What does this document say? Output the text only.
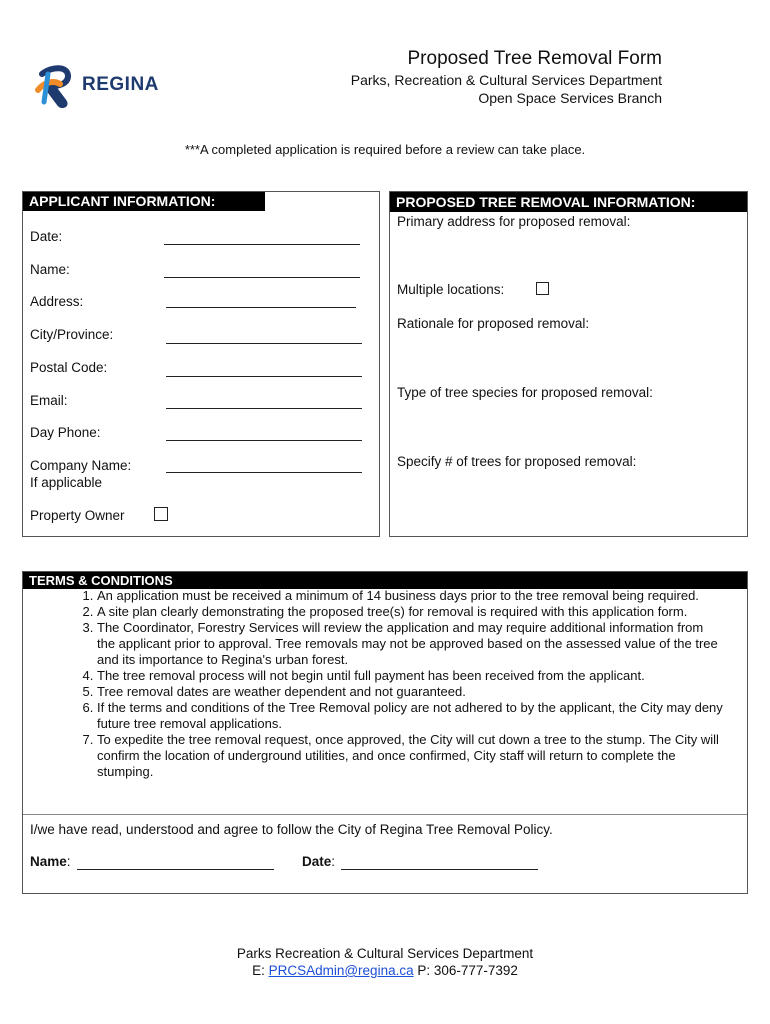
REGINA
Proposed Tree Removal Form
Parks, Recreation & Cultural Services Department
Open Space Services Branch
***A completed application is required before a review can take place.
APPLICANT INFORMATION:
Date:
Name:
Address:
City/Province:
Postal Code:
Email:
Day Phone:
Company Name:
If applicable
Property Owner
PROPOSED TREE REMOVAL INFORMATION:
Primary address for proposed removal:
Multiple locations:
Rationale for proposed removal:
Type of tree species for proposed removal:
Specify # of trees for proposed removal:
TERMS & CONDITIONS
1. An application must be received a minimum of 14 business days prior to the tree removal being required.
2. A site plan clearly demonstrating the proposed tree(s) for removal is required with this application form.
3. The Coordinator, Forestry Services will review the application and may require additional information from the applicant prior to approval. Tree removals may not be approved based on the assessed value of the tree and its importance to Regina's urban forest.
4. The tree removal process will not begin until full payment has been received from the applicant.
5. Tree removal dates are weather dependent and not guaranteed.
6. If the terms and conditions of the Tree Removal policy are not adhered to by the applicant, the City may deny future tree removal applications.
7. To expedite the tree removal request, once approved, the City will cut down a tree to the stump. The City will confirm the location of underground utilities, and once confirmed, City staff will return to complete the stumping.
I/we have read, understood and agree to follow the City of Regina Tree Removal Policy.
Name:	Date:
Parks Recreation & Cultural Services Department
E: PRCSAdmin@regina.ca P: 306-777-7392
